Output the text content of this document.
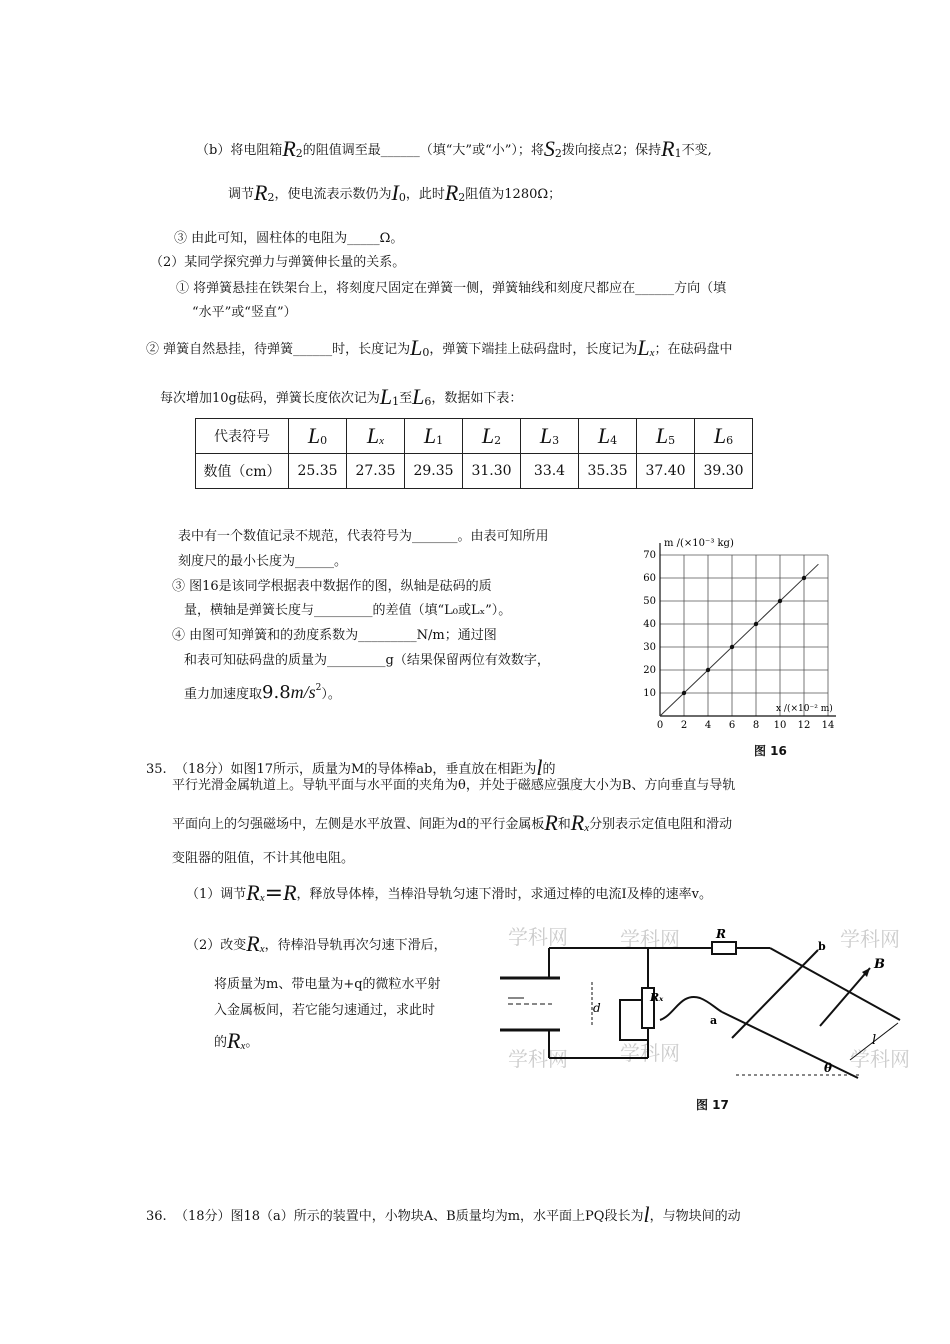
（b）将电阻箱$R_2$的阻值调至最______（填“大”或“小”）；将$S_2$拨向接点2；保持$R_1$不变,
调节$R_2$，使电流表示数仍为$I_0$，此时$R_2$阻值为1280Ω；
③ 由此可知，圆柱体的电阻为_____Ω。
（2）某同学探究弹力与弹簧伸长量的关系。
① 将弹簧悬挂在铁架台上，将刻度尺固定在弹簧一侧，弹簧轴线和刻度尺都应在______方向（填
“水平”或“竖直”）
② 弹簧自然悬挂，待弹簧______时，长度记为$L_0$，弹簧下端挂上砝码盘时，长度记为$L_x$；在砝码盘中
每次增加10g砝码，弹簧长度依次记为$L_1$至$L_6$，数据如下表：
代表符号	$L_0$	$L_x$	$L_1$	$L_2$	$L_3$	$L_4$	$L_5$	$L_6$
数值（cm）	25.35	27.35	29.35	31.30	33.4	35.35	37.40	39.30
表中有一个数值记录不规范，代表符号为_______。由表可知所用
刻度尺的最小长度为______。
③ 图16是该同学根据表中数据作的图，纵轴是砝码的质
量，横轴是弹簧长度与_________的差值（填“L₀或Lₓ”）。
④ 由图可知弹簧和的劲度系数为_________N/m；通过图
和表可知砝码盘的质量为_________g（结果保留两位有效数字，
重力加速度取$9.8m/s^2$）。
0 2 4 6 8 10 12 14
10
20
30
40
50
60
70
m /(×10⁻³ kg)
x /(×10⁻² m)
图 16
35. （18分）如图17所示，质量为M的导体棒ab，垂直放在相距为l的
平行光滑金属轨道上。导轨平面与水平面的夹角为θ，并处于磁感应强度大小为B、方向垂直与导轨
平面向上的匀强磁场中，左侧是水平放置、间距为d的平行金属板R和$R_x$分别表示定值电阻和滑动
变阻器的阻值，不计其他电阻。
（1）调节$R_x=R$，释放导体棒，当棒沿导轨匀速下滑时，求通过棒的电流I及棒的速率v。
（2）改变$R_x$，待棒沿导轨再次匀速下滑后，
将质量为m、带电量为+q的微粒水平射
入金属板间，若它能匀速通过，求此时
的$R_x$。
学科网	学科网	学科网
学科网	学科网	学科网
R
Rₓ
a
b
B
d
l
θ
图 17
36. （18分）图18（a）所示的装置中，小物块A、B质量均为m，水平面上PQ段长为l，与物块间的动
